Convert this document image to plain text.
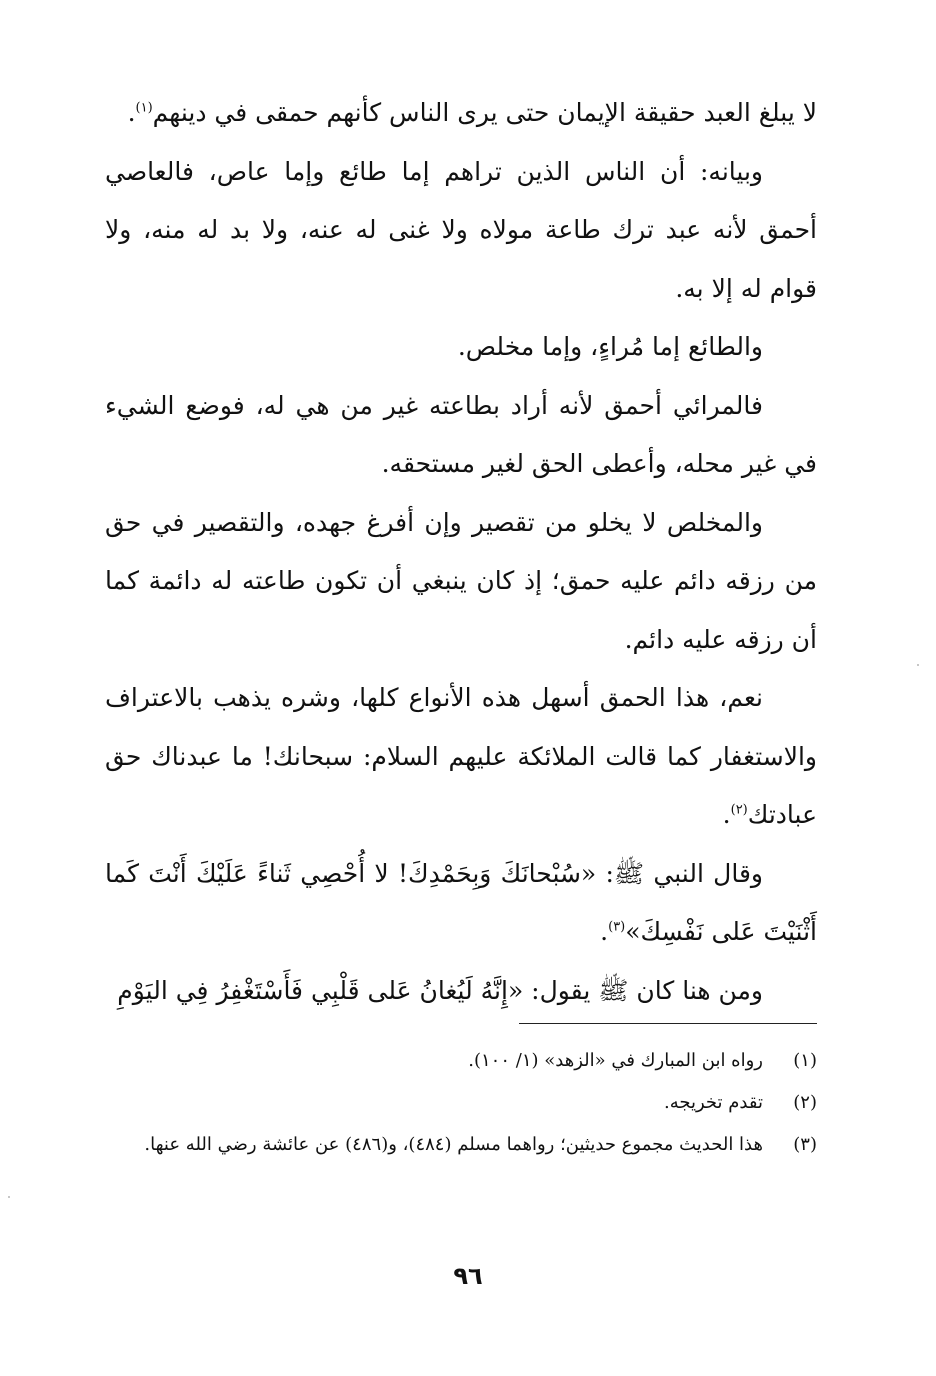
لا يبلغ العبد حقيقة الإيمان حتى يرى الناس كأنهم حمقى في دينهم$^{(١)}$.

وبيانه: أن الناس الذين تراهم إما طائع وإما عاص، فالعاصي أحمق لأنه عبد ترك طاعة مولاه ولا غنى له عنه، ولا بد له منه، ولا قوام له إلا به.

والطائع إما مُراءٍ، وإما مخلص.

فالمرائي أحمق لأنه أراد بطاعته غير من هي له، فوضع الشيء في غير محله، وأعطى الحق لغير مستحقه.

والمخلص لا يخلو من تقصير وإن أفرغ جهده، والتقصير في حق من رزقه دائم عليه حمق؛ إذ كان ينبغي أن تكون طاعته له دائمة كما أن رزقه عليه دائم.

نعم، هذا الحمق أسهل هذه الأنواع كلها، وشره يذهب بالاعتراف والاستغفار كما قالت الملائكة عليهم السلام: سبحانك! ما عبدناك حق عبادتك$^{(٢)}$.

وقال النبي ﷺ: «سُبْحانَكَ وَبِحَمْدِكَ! لا أُحْصِي ثَناءً عَلَيْكَ أَنْتَ كَما أَثْنَيْتَ عَلى نَفْسِكَ»$^{(٣)}$.

ومن هنا كان ﷺ يقول: «إِنَّهُ لَيُغانُ عَلى قَلْبِي فَأَسْتَغْفِرُ فِي اليَوْمِ

(١)
رواه ابن المبارك في «الزهد» (١/ ١٠٠).
(٢)
تقدم تخريجه.
(٣)
هذا الحديث مجموع حديثين؛ رواهما مسلم (٤٨٤)، و(٤٨٦) عن عائشة رضي الله عنها.
٩٦
